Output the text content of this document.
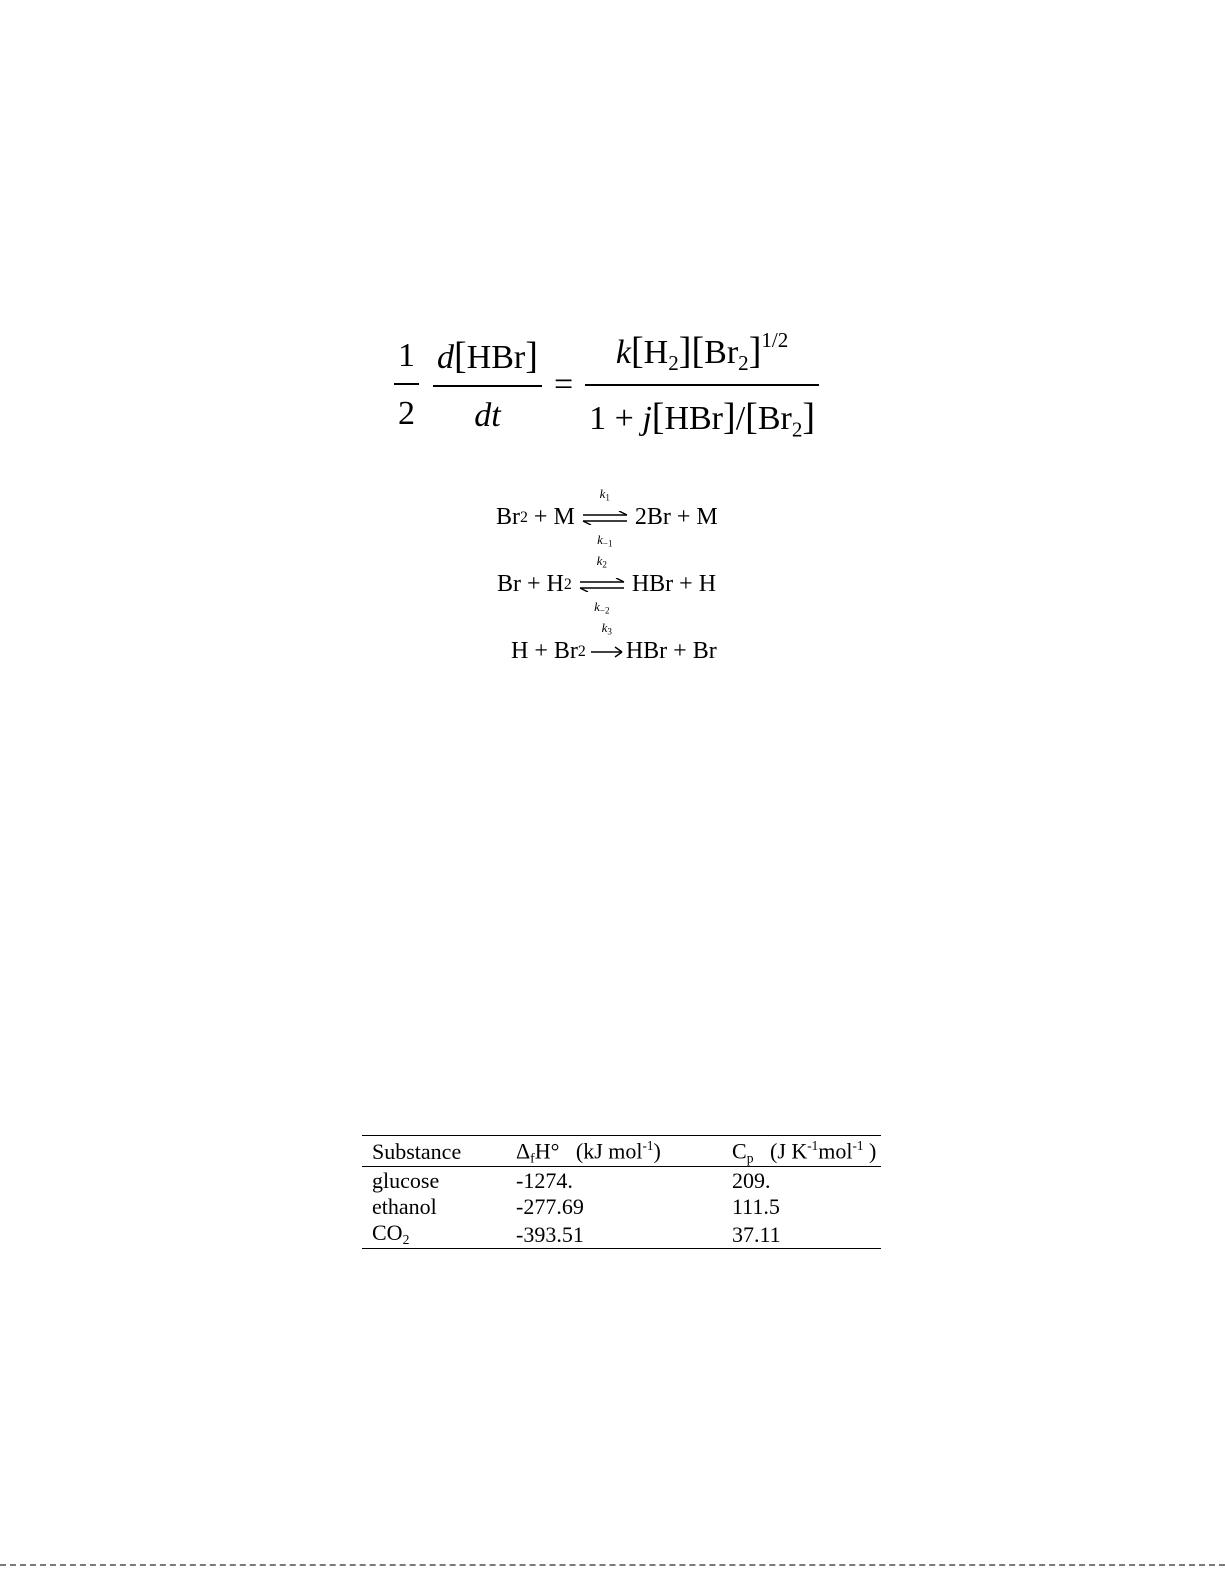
$\frac{1}{2} \frac{\text{d[HBr]}}{dt} = \frac{k[H_2][Br_2]^{1/2}}{1 + j[HBr]/[Br_2]}$
Br 2
+
M
$k_1$
$k_{-1}$
2Br
+
M
Br
+
H 2
$k_2$
$k_{-2}$
HBr
+
H
H
+
Br 2
$k_3$
HBr
+
Br
Substance	ΔfH° (kJ mol$^{-1}$)	Cp (J $K^{-1}mol^{-1}$ )
glucose	-1274.	209.
ethanol	-277.69	111.5
CO2	-393.51	37.11
